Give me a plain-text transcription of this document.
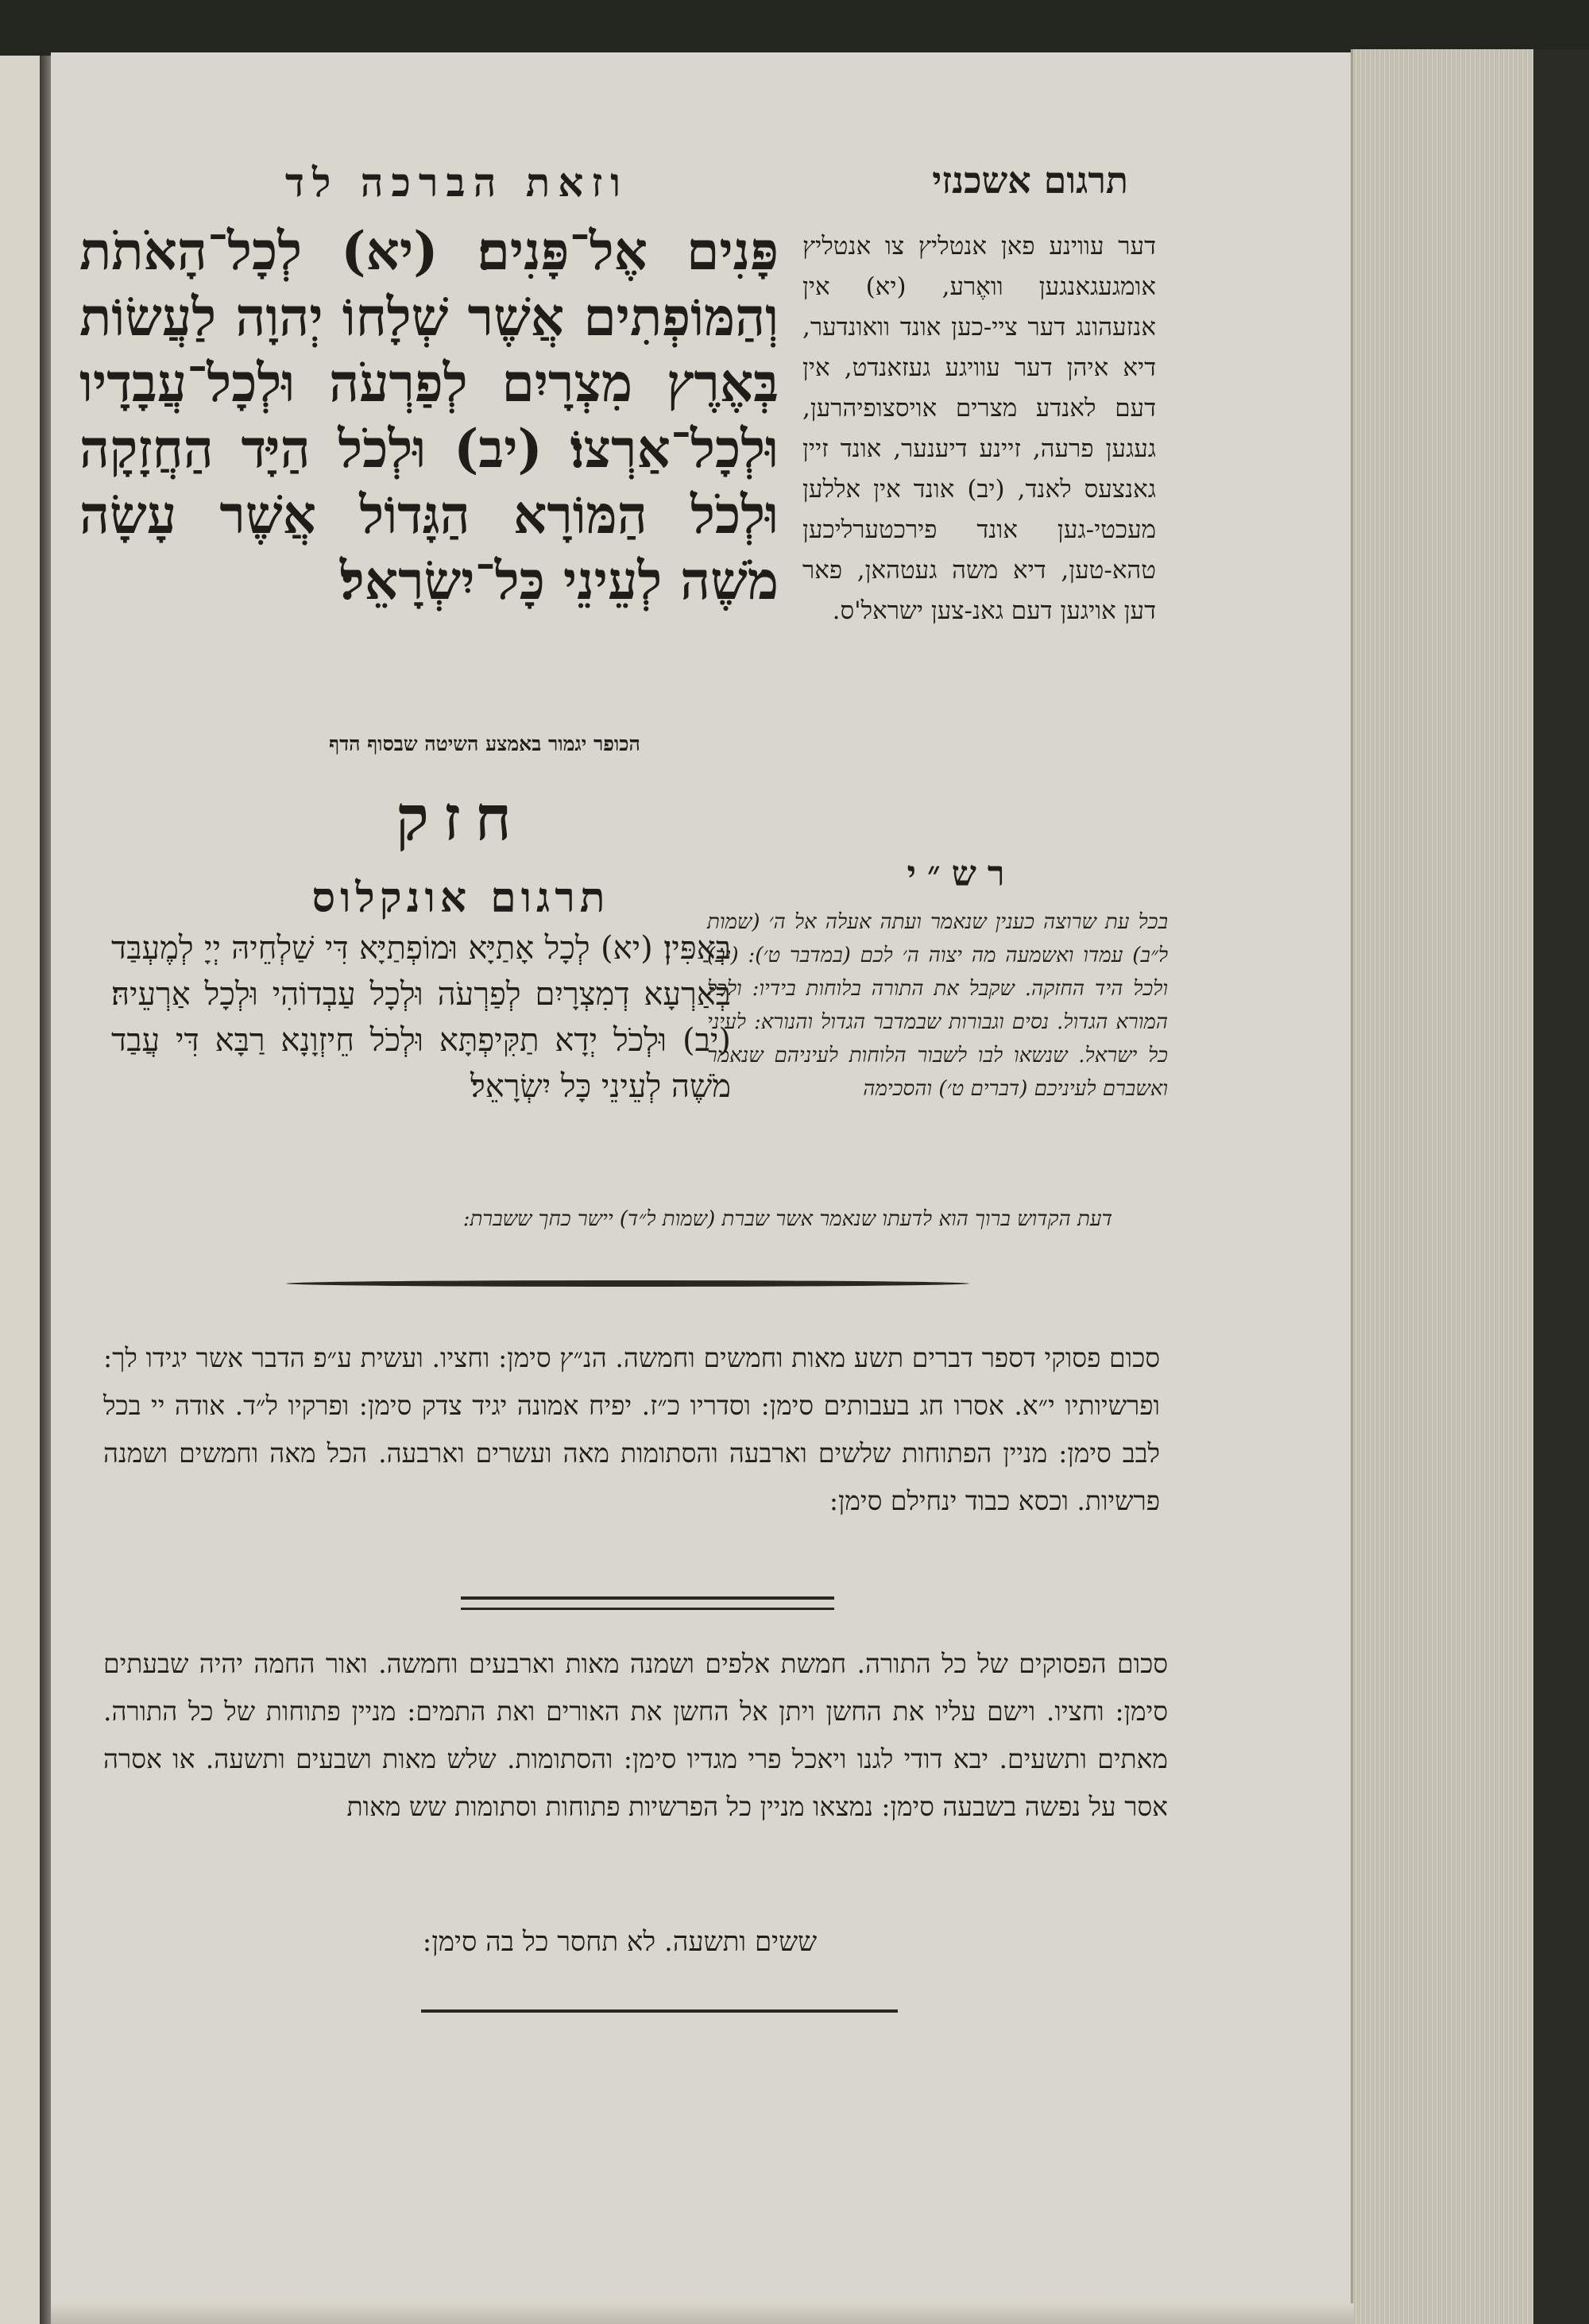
תרגום אשכנזי
וזאת הברכה לד
פָּנִים אֶל־פָּנִים׃ (יא) לְכָל־הָאֹתֹת וְהַמּוֹפְתִים אֲשֶׁר שְׁלָחוֹ יְהוָה לַעֲשׂוֹת בְּאֶרֶץ מִצְרָיִם לְפַרְעֹה וּלְכָל־עֲבָדָיו וּלְכָל־אַרְצוֹ׃ (יב) וּלְכֹל הַיָּד הַחֲזָקָה וּלְכֹל הַמּוֹרָא הַגָּדוֹל אֲשֶׁר עָשָׂה מֹשֶׁה לְעֵינֵי כָּל־יִשְׂרָאֵל׃
דער עווינע פאן אנטליץ צו אנטליץ אומגעגאנגען וואֶרע, (יא) אין אנזעהונג דער ציי-כען אונד וואונדער, דיא איהן דער עוויגע געזאנדט, אין דעם לאנדע מצרים אויסצופיהרען, געגען פרעה, זיינע דיענער, אונד זיין גאנצעס לאנד, (יב) אונד אין אללען מעכטי-גען אונד פירכטערליכען טהא-טען, דיא משה געטהאן, פאר דען אויגען דעם גאנ-צען ישראל'ס.
הכופר יגמור באמצע השיטה שבסוף הדף
חזק
תרגום אונקלוס	רש״י
בְּאַפִּין׃ (יא) לְכָל אָתַיָּא וּמוֹפְתַיָּא דִּי שַׁלְחֵיהּ יְיָ לְמֶעְבַּד בְּאַרְעָא דְמִצְרָיִם לְפַרְעֹה וּלְכָל עַבְדוֹהִי וּלְכָל אַרְעֵיהּ׃ (יב) וּלְכֹל יְדָא תַקִּיפְתָּא וּלְכֹל חֵיזְוָנָא רַבָּא דִּי עֲבַד מֹשֶׁה לְעֵינֵי כָּל יִשְׂרָאֵל׃
בכל עת שרוצה כענין שנאמר ועתה אעלה אל ה׳ (שמות ל״ב) עמדו ואשמעה מה יצוה ה׳ לכם (במדבר ט׳): (יב) ולכל היד החזקה. שקבל את התורה בלוחות בידיו: ולכל המורא הגדול. נסים וגבורות שבמדבר הגדול והנורא: לעיני כל ישראל. שנשאו לבו לשבור הלוחות לעיניהם שנאמר ואשברם לעיניכם (דברים ט׳) והסכימה
דעת הקדוש ברוך הוא לדעתו שנאמר אשר שברת (שמות ל״ד) יישר כחך ששברת:
סכום פסוקי דספר דברים תשע מאות וחמשים וחמשה. הנ״ץ סימן: וחציו. ועשית ע״פ הדבר אשר יגידו לך: ופרשיותיו י״א. אסרו חג בעבותים סימן: וסדריו כ״ז. יפיח אמונה יגיד צדק סימן: ופרקיו ל״ד. אודה יי בכל לבב סימן: מניין הפתוחות שלשים וארבעה והסתומות מאה ועשרים וארבעה. הכל מאה וחמשים ושמנה פרשיות. וכסא כבוד ינחילם סימן:
סכום הפסוקים של כל התורה. חמשת אלפים ושמנה מאות וארבעים וחמשה. ואור החמה יהיה שבעתים סימן: וחציו. וישם עליו את החשן ויתן אל החשן את האורים ואת התמים: מניין פתוחות של כל התורה. מאתים ותשעים. יבא דודי לגנו ויאכל פרי מגדיו סימן: והסתומות. שלש מאות ושבעים ותשעה. או אסרה אסר על נפשה בשבעה סימן: נמצאו מניין כל הפרשיות פתוחות וסתומות שש מאות
ששים ותשעה. לא תחסר כל בה סימן:
